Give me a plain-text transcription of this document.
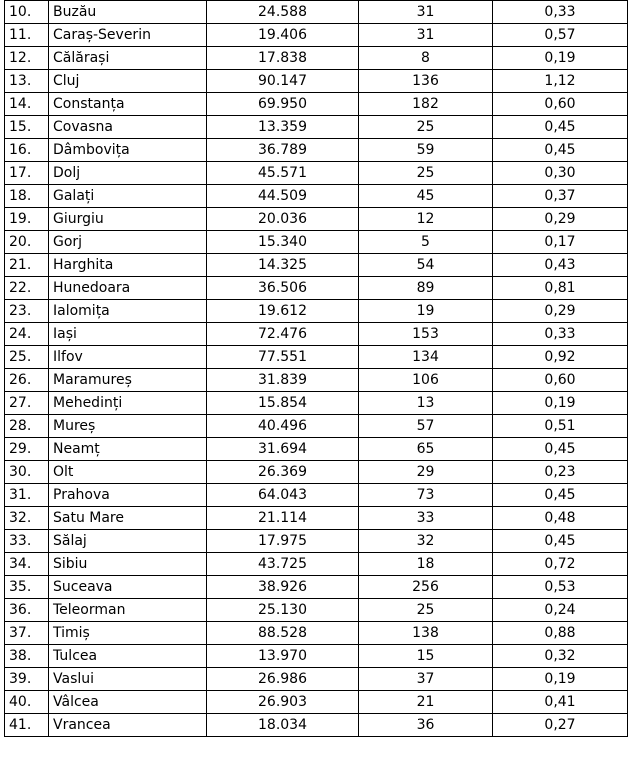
10.	Buzău	24.588	31	0,33
11.	Caraș-Severin	19.406	31	0,57
12.	Călărași	17.838	8	0,19
13.	Cluj	90.147	136	1,12
14.	Constanța	69.950	182	0,60
15.	Covasna	13.359	25	0,45
16.	Dâmbovița	36.789	59	0,45
17.	Dolj	45.571	25	0,30
18.	Galați	44.509	45	0,37
19.	Giurgiu	20.036	12	0,29
20.	Gorj	15.340	5	0,17
21.	Harghita	14.325	54	0,43
22.	Hunedoara	36.506	89	0,81
23.	Ialomița	19.612	19	0,29
24.	Iași	72.476	153	0,33
25.	Ilfov	77.551	134	0,92
26.	Maramureș	31.839	106	0,60
27.	Mehedinți	15.854	13	0,19
28.	Mureș	40.496	57	0,51
29.	Neamț	31.694	65	0,45
30.	Olt	26.369	29	0,23
31.	Prahova	64.043	73	0,45
32.	Satu Mare	21.114	33	0,48
33.	Sălaj	17.975	32	0,45
34.	Sibiu	43.725	18	0,72
35.	Suceava	38.926	256	0,53
36.	Teleorman	25.130	25	0,24
37.	Timiș	88.528	138	0,88
38.	Tulcea	13.970	15	0,32
39.	Vaslui	26.986	37	0,19
40.	Vâlcea	26.903	21	0,41
41.	Vrancea	18.034	36	0,27
